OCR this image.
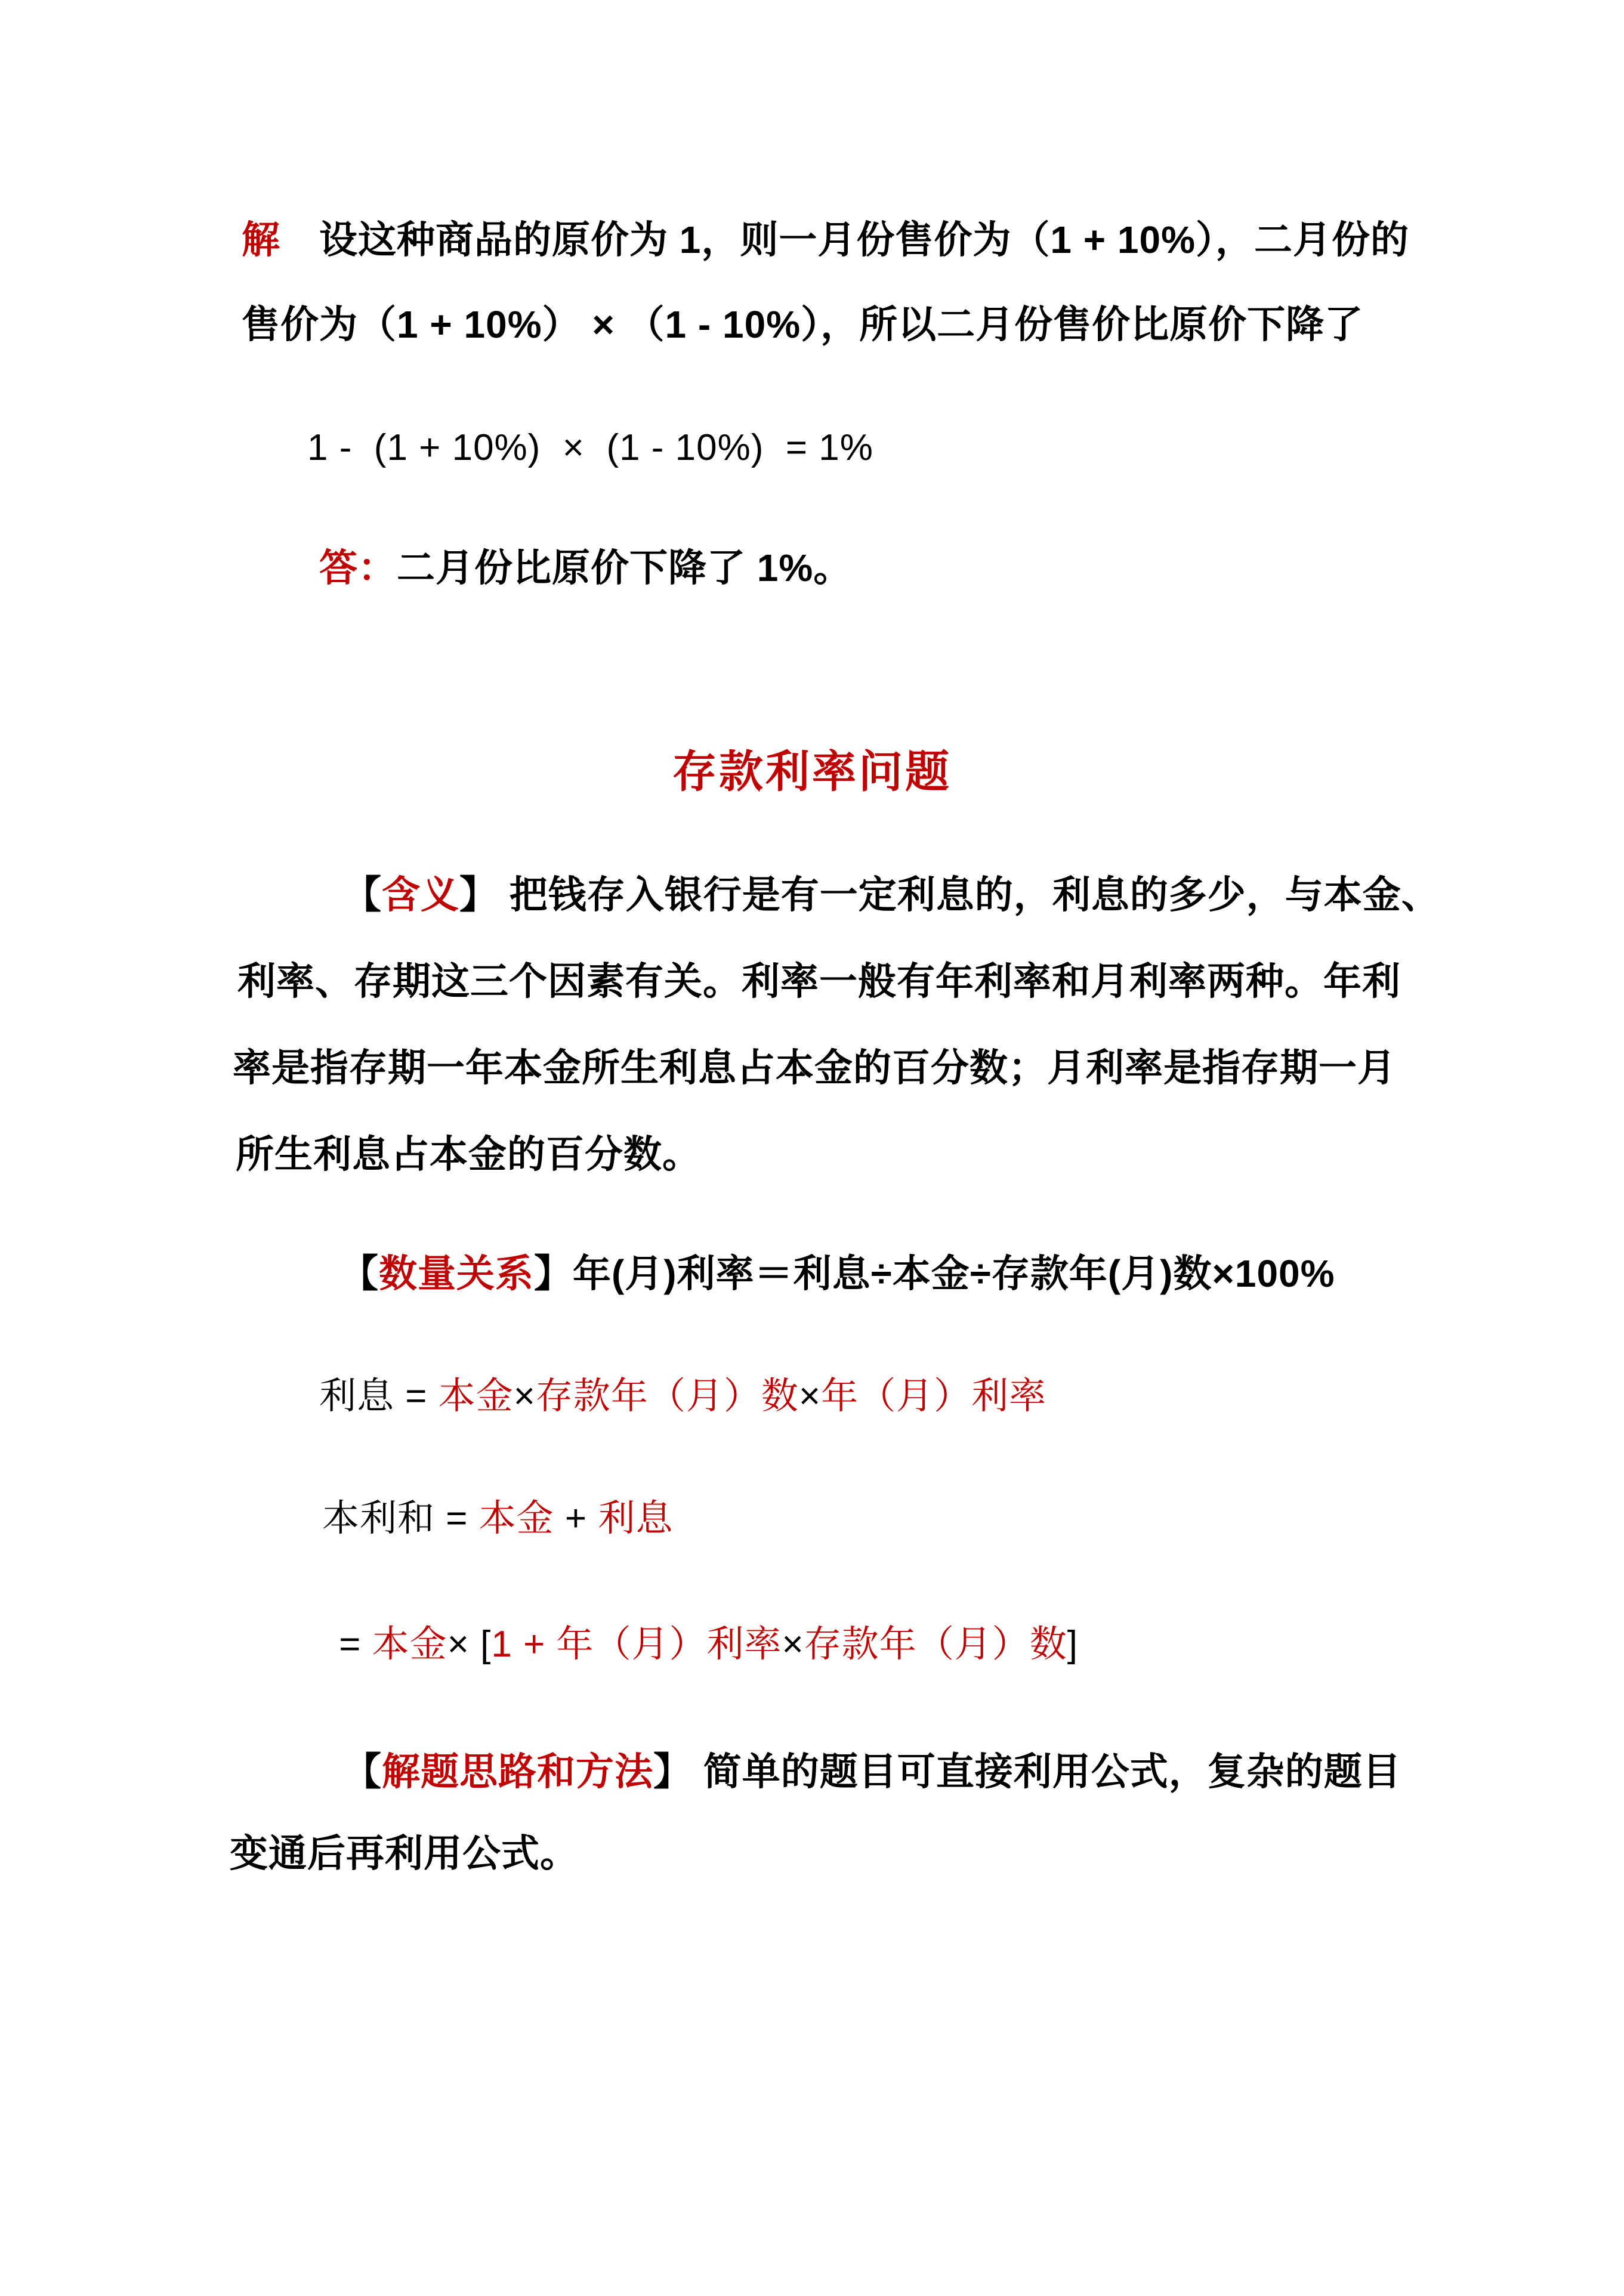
解　设这种商品的原价为 1，则一月份售价为（1 + 10%），二月份的
售价为（1 + 10%） × （1 - 10%），所以二月份售价比原价下降了
1 -  (1 + 10%)  ×  (1 - 10%)  = 1%
答：二月份比原价下降了 1%。
存款利率问题
【含义】 把钱存入银行是有一定利息的，利息的多少，与本金、
利率、存期这三个因素有关。利率一般有年利率和月利率两种。年利
率是指存期一年本金所生利息占本金的百分数；月利率是指存期一月
所生利息占本金的百分数。
【数量关系】年(月)利率＝利息÷本金÷存款年(月)数×100%
利息 = 本金×存款年（月）数×年（月）利率
本利和 = 本金 + 利息
= 本金× [1 + 年（月）利率×存款年（月）数]
【解题思路和方法】 简单的题目可直接利用公式，复杂的题目
变通后再利用公式。
